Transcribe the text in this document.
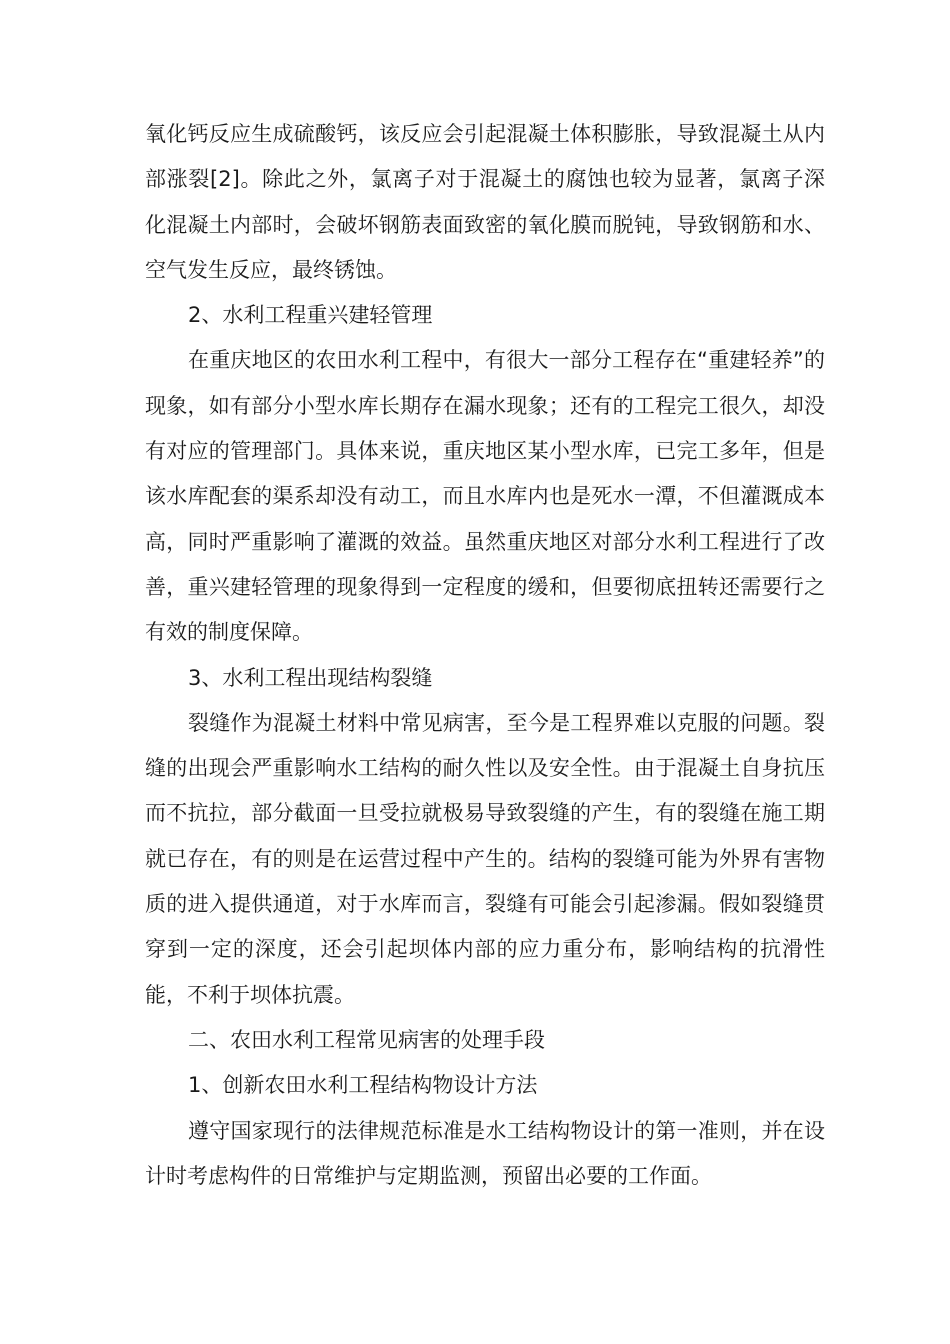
氧化钙反应生成硫酸钙，该反应会引起混凝土体积膨胀，导致混凝土从内部涨裂[2]。除此之外，氯离子对于混凝土的腐蚀也较为显著，氯离子深化混凝土内部时，会破坏钢筋表面致密的氧化膜而脱钝，导致钢筋和水、空气发生反应，最终锈蚀。

2、水利工程重兴建轻管理

在重庆地区的农田水利工程中，有很大一部分工程存在“重建轻养”的现象，如有部分小型水库长期存在漏水现象；还有的工程完工很久，却没有对应的管理部门。具体来说，重庆地区某小型水库，已完工多年，但是该水库配套的渠系却没有动工，而且水库内也是死水一潭，不但灌溉成本高，同时严重影响了灌溉的效益。虽然重庆地区对部分水利工程进行了改善，重兴建轻管理的现象得到一定程度的缓和，但要彻底扭转还需要行之有效的制度保障。

3、水利工程出现结构裂缝

裂缝作为混凝土材料中常见病害，至今是工程界难以克服的问题。裂缝的出现会严重影响水工结构的耐久性以及安全性。由于混凝土自身抗压而不抗拉，部分截面一旦受拉就极易导致裂缝的产生，有的裂缝在施工期就已存在，有的则是在运营过程中产生的。结构的裂缝可能为外界有害物质的进入提供通道，对于水库而言，裂缝有可能会引起渗漏。假如裂缝贯穿到一定的深度，还会引起坝体内部的应力重分布，影响结构的抗滑性能，不利于坝体抗震。

二、农田水利工程常见病害的处理手段

1、创新农田水利工程结构物设计方法

遵守国家现行的法律规范标准是水工结构物设计的第一准则，并在设计时考虑构件的日常维护与定期监测，预留出必要的工作面。
